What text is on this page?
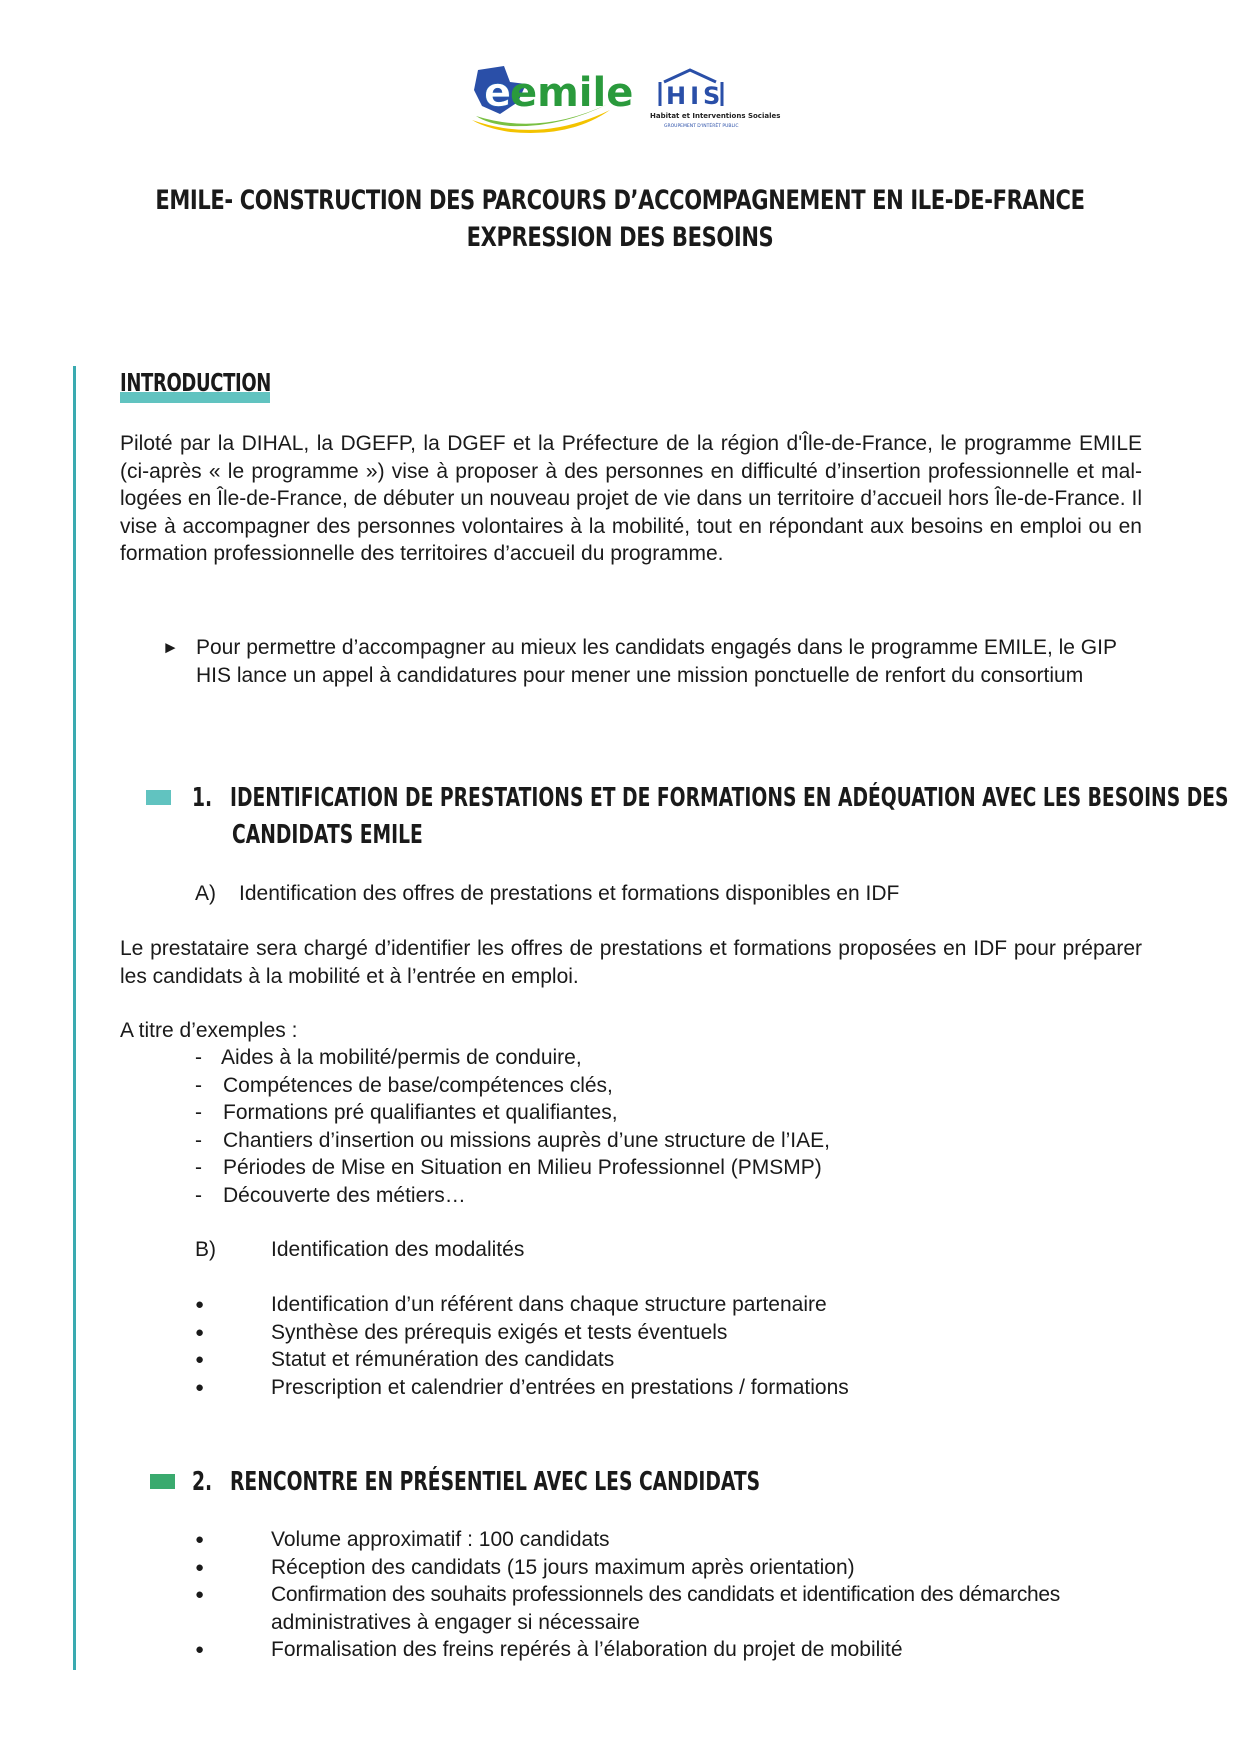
e
emile HIS
Habitat et Interventions Sociales
GROUPEMENT D'INTÉRÊT PUBLIC
EMILE- CONSTRUCTION DES PARCOURS D’ACCOMPAGNEMENT EN ILE-DE-FRANCE
EXPRESSION DES BESOINS
INTRODUCTION
Piloté par la DIHAL, la DGEFP, la DGEF et la Préfecture de la région d'Île-de-France, le programme EMILE (ci-après « le programme ») vise à proposer à des personnes en difficulté d’insertion professionnelle et mal-logées en Île-de-France, de débuter un nouveau projet de vie dans un territoire d’accueil hors Île-de-France. Il vise à accompagner des personnes volontaires à la mobilité, tout en répondant aux besoins en emploi ou en formation professionnelle des territoires d’accueil du programme.
► Pour permettre d’accompagner au mieux les candidats engagés dans le programme EMILE, le GIP HIS lance un appel à candidatures pour mener une mission ponctuelle de renfort du consortium
1. IDENTIFICATION DE PRESTATIONS ET DE FORMATIONS EN ADÉQUATION AVEC LES BESOINS DES
CANDIDATS EMILE
A) Identification des offres de prestations et formations disponibles en IDF
Le prestataire sera chargé d’identifier les offres de prestations et formations proposées en IDF pour préparer les candidats à la mobilité et à l’entrée en emploi.
A titre d’exemples :
- Aides à la mobilité/permis de conduire,
- Compétences de base/compétences clés,
- Formations pré qualifiantes et qualifiantes,
- Chantiers d’insertion ou missions auprès d’une structure de l’IAE,
- Périodes de Mise en Situation en Milieu Professionnel (PMSMP)
- Découverte des métiers…
B)	Identification des modalités
●	Identification d’un référent dans chaque structure partenaire
●	Synthèse des prérequis exigés et tests éventuels
●	Statut et rémunération des candidats
●	Prescription et calendrier d’entrées en prestations / formations
2. RENCONTRE EN PRÉSENTIEL AVEC LES CANDIDATS
●	Volume approximatif : 100 candidats
●	Réception des candidats (15 jours maximum après orientation)
●	Confirmation des souhaits professionnels des candidats et identification des démarches
administratives à engager si nécessaire
●	Formalisation des freins repérés à l’élaboration du projet de mobilité
